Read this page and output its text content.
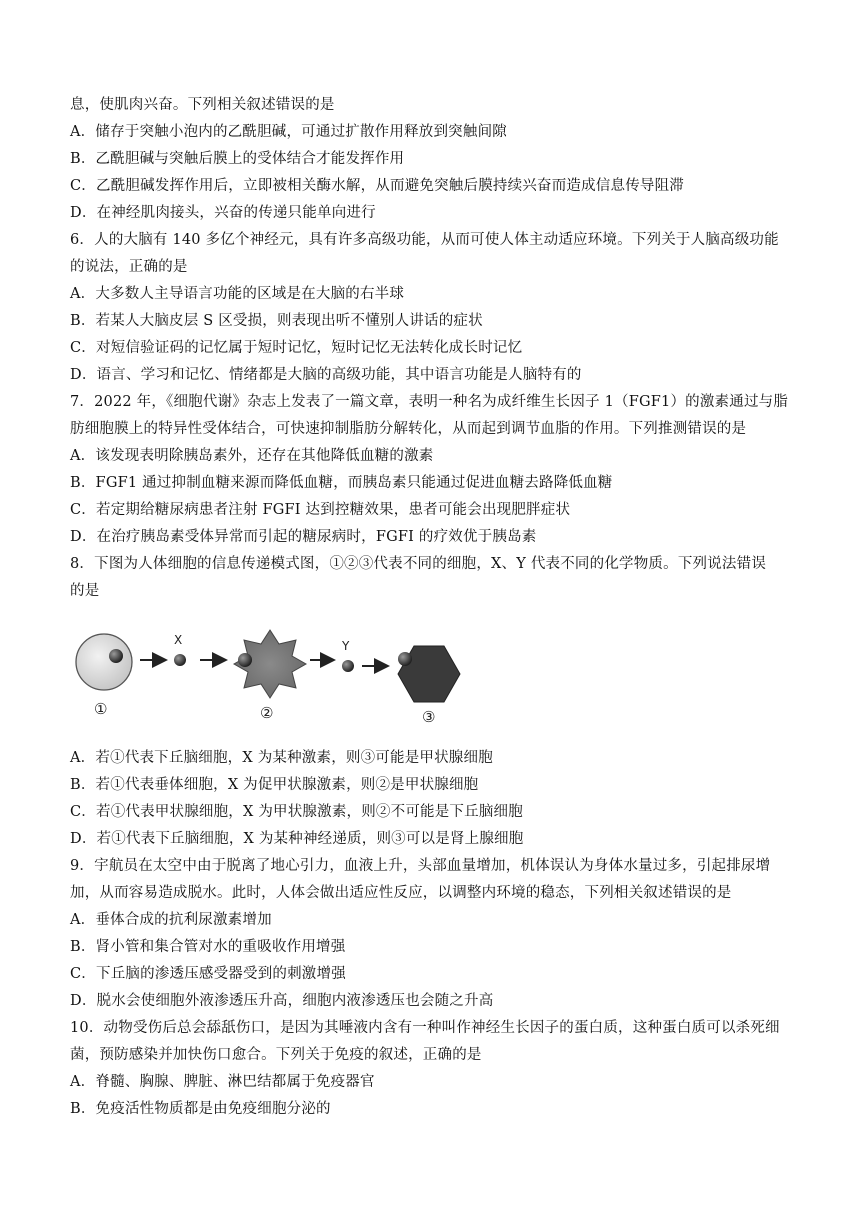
息，使肌肉兴奋。下列相关叙述错误的是
A．储存于突触小泡内的乙酰胆碱，可通过扩散作用释放到突触间隙
B．乙酰胆碱与突触后膜上的受体结合才能发挥作用
C．乙酰胆碱发挥作用后，立即被相关酶水解，从而避免突触后膜持续兴奋而造成信息传导阻滞
D．在神经肌肉接头，兴奋的传递只能单向进行
6．人的大脑有 140 多亿个神经元，具有许多高级功能，从而可使人体主动适应环境。下列关于人脑高级功能
的说法，正确的是
A．大多数人主导语言功能的区域是在大脑的右半球
B．若某人大脑皮层 S 区受损，则表现出听不懂别人讲话的症状
C．对短信验证码的记忆属于短时记忆，短时记忆无法转化成长时记忆
D．语言、学习和记忆、情绪都是大脑的高级功能，其中语言功能是人脑特有的
7．2022 年，《细胞代谢》杂志上发表了一篇文章，表明一种名为成纤维生长因子 1（FGF1）的激素通过与脂
肪细胞膜上的特异性受体结合，可快速抑制脂肪分解转化，从而起到调节血脂的作用。下列推测错误的是
A．该发现表明除胰岛素外，还存在其他降低血糖的激素
B．FGF1 通过抑制血糖来源而降低血糖，而胰岛素只能通过促进血糖去路降低血糖
C．若定期给糖尿病患者注射 FGFI 达到控糖效果，患者可能会出现肥胖症状
D．在治疗胰岛素受体异常而引起的糖尿病时，FGFI 的疗效优于胰岛素
8．下图为人体细胞的信息传递模式图，①②③代表不同的细胞，X、Y 代表不同的化学物质。下列说法错误
的是
X	Y
①	②	③
A．若①代表下丘脑细胞，X 为某种激素，则③可能是甲状腺细胞
B．若①代表垂体细胞，X 为促甲状腺激素，则②是甲状腺细胞
C．若①代表甲状腺细胞，X 为甲状腺激素，则②不可能是下丘脑细胞
D．若①代表下丘脑细胞，X 为某种神经递质，则③可以是肾上腺细胞
9．宇航员在太空中由于脱离了地心引力，血液上升，头部血量增加，机体误认为身体水量过多，引起排尿增
加，从而容易造成脱水。此时，人体会做出适应性反应，以调整内环境的稳态，下列相关叙述错误的是
A．垂体合成的抗利尿激素增加
B．肾小管和集合管对水的重吸收作用增强
C．下丘脑的渗透压感受器受到的刺激增强
D．脱水会使细胞外液渗透压升高，细胞内液渗透压也会随之升高
10．动物受伤后总会舔舐伤口，是因为其唾液内含有一种叫作神经生长因子的蛋白质，这种蛋白质可以杀死细
菌，预防感染并加快伤口愈合。下列关于免疫的叙述，正确的是
A．脊髓、胸腺、脾脏、淋巴结都属于免疫器官
B．免疫活性物质都是由免疫细胞分泌的
